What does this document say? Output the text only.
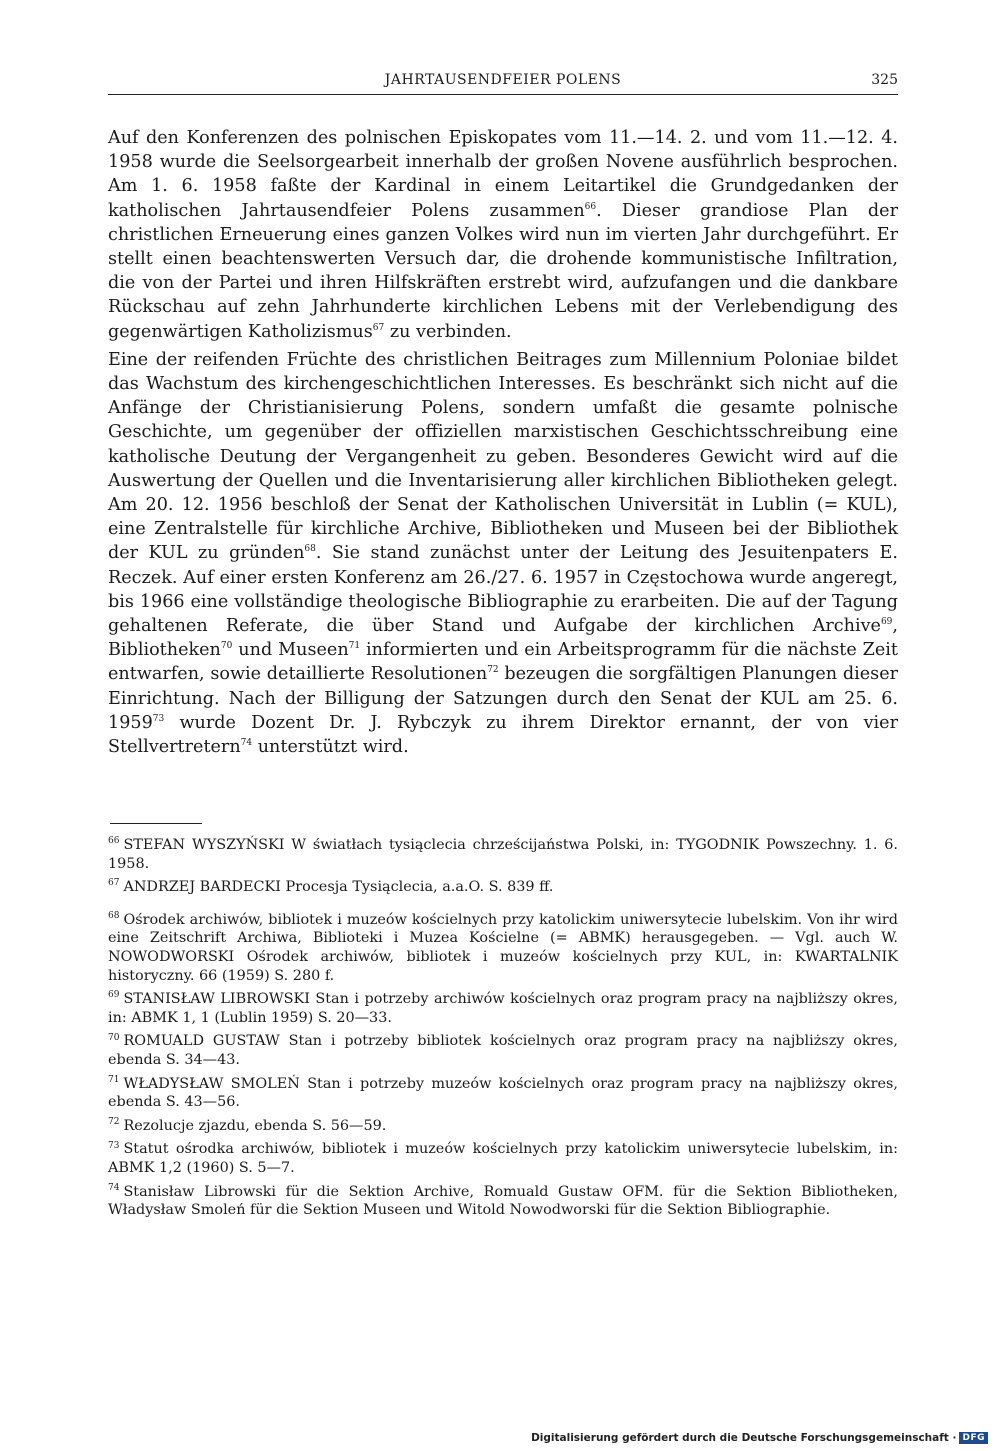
JAHRTAUSENDFEIER POLENS	325

Auf den Konferenzen des polnischen Episkopates vom 11.—14. 2. und vom 11.—12. 4. 1958 wurde die Seelsorgearbeit innerhalb der großen Novene ausführlich besprochen. Am 1. 6. 1958 faßte der Kardinal in einem Leitartikel die Grundgedanken der katholischen Jahrtausendfeier Polens zusammen$^{66}$. Dieser grandiose Plan der christlichen Erneuerung eines ganzen Volkes wird nun im vierten Jahr durchgeführt. Er stellt einen beachtenswerten Versuch dar, die drohende kommunistische Infiltration, die von der Partei und ihren Hilfskräften erstrebt wird, aufzufangen und die dankbare Rückschau auf zehn Jahrhunderte kirchlichen Lebens mit der Verlebendigung des gegenwärtigen Katholizismus$^{67}$ zu verbinden.

Eine der reifenden Früchte des christlichen Beitrages zum Millennium Poloniae bildet das Wachstum des kirchengeschichtlichen Interesses. Es beschränkt sich nicht auf die Anfänge der Christianisierung Polens, sondern umfaßt die gesamte polnische Geschichte, um gegenüber der offiziellen marxistischen Geschichtsschreibung eine katholische Deutung der Vergangenheit zu geben. Besonderes Gewicht wird auf die Auswertung der Quellen und die Inventarisierung aller kirchlichen Bibliotheken gelegt. Am 20. 12. 1956 beschloß der Senat der Katholischen Universität in Lublin (= KUL), eine Zentralstelle für kirchliche Archive, Bibliotheken und Museen bei der Bibliothek der KUL zu gründen$^{68}$. Sie stand zunächst unter der Leitung des Jesuitenpaters E. Reczek. Auf einer ersten Konferenz am 26./27. 6. 1957 in Częstochowa wurde angeregt, bis 1966 eine vollständige theologische Bibliographie zu erarbeiten. Die auf der Tagung gehaltenen Referate, die über Stand und Aufgabe der kirchlichen Archive$^{69}$, Bibliotheken$^{70}$ und Museen$^{71}$ informierten und ein Arbeitsprogramm für die nächste Zeit entwarfen, sowie detaillierte Resolutionen$^{72}$ bezeugen die sorgfältigen Planungen dieser Einrichtung. Nach der Billigung der Satzungen durch den Senat der KUL am 25. 6. 1959$^{73}$ wurde Dozent Dr. J. Rybczyk zu ihrem Direktor ernannt, der von vier Stellvertretern$^{74}$ unterstützt wird.

$^{66}$ STEFAN WYSZYŃSKI W światłach tysiąclecia chrześcijaństwa Polski, in: TYGODNIK Powszechny. 1. 6. 1958.

$^{67}$ ANDRZEJ BARDECKI Procesja Tysiąclecia, a.a.O. S. 839 ff.

$^{68}$ Ośrodek archiwów, bibliotek i muzeów kościelnych przy katolickim uniwersytecie lubelskim. Von ihr wird eine Zeitschrift Archiwa, Biblioteki i Muzea Kościelne (= ABMK) herausgegeben. — Vgl. auch W. NOWODWORSKI Ośrodek archiwów, bibliotek i muzeów kościelnych przy KUL, in: KWARTALNIK historyczny. 66 (1959) S. 280 f.

$^{69}$ STANISŁAW LIBROWSKI Stan i potrzeby archiwów kościelnych oraz program pracy na najbliższy okres, in: ABMK 1, 1 (Lublin 1959) S. 20—33.

$^{70}$ ROMUALD GUSTAW Stan i potrzeby bibliotek kościelnych oraz program pracy na najbliższy okres, ebenda S. 34—43.

$^{71}$ WŁADYSŁAW SMOLEŃ Stan i potrzeby muzeów kościelnych oraz program pracy na najbliższy okres, ebenda S. 43—56.

$^{72}$ Rezolucje zjazdu, ebenda S. 56—59.

$^{73}$ Statut ośrodka archiwów, bibliotek i muzeów kościelnych przy katolickim uniwersytecie lubelskim, in: ABMK 1,2 (1960) S. 5—7.

$^{74}$ Stanisław Librowski für die Sektion Archive, Romuald Gustaw OFM. für die Sektion Bibliotheken, Władysław Smoleń für die Sektion Museen und Witold Nowodworski für die Sektion Bibliographie.

Digitalisierung gefördert durch die Deutsche Forschungsgemeinschaft · DFG
